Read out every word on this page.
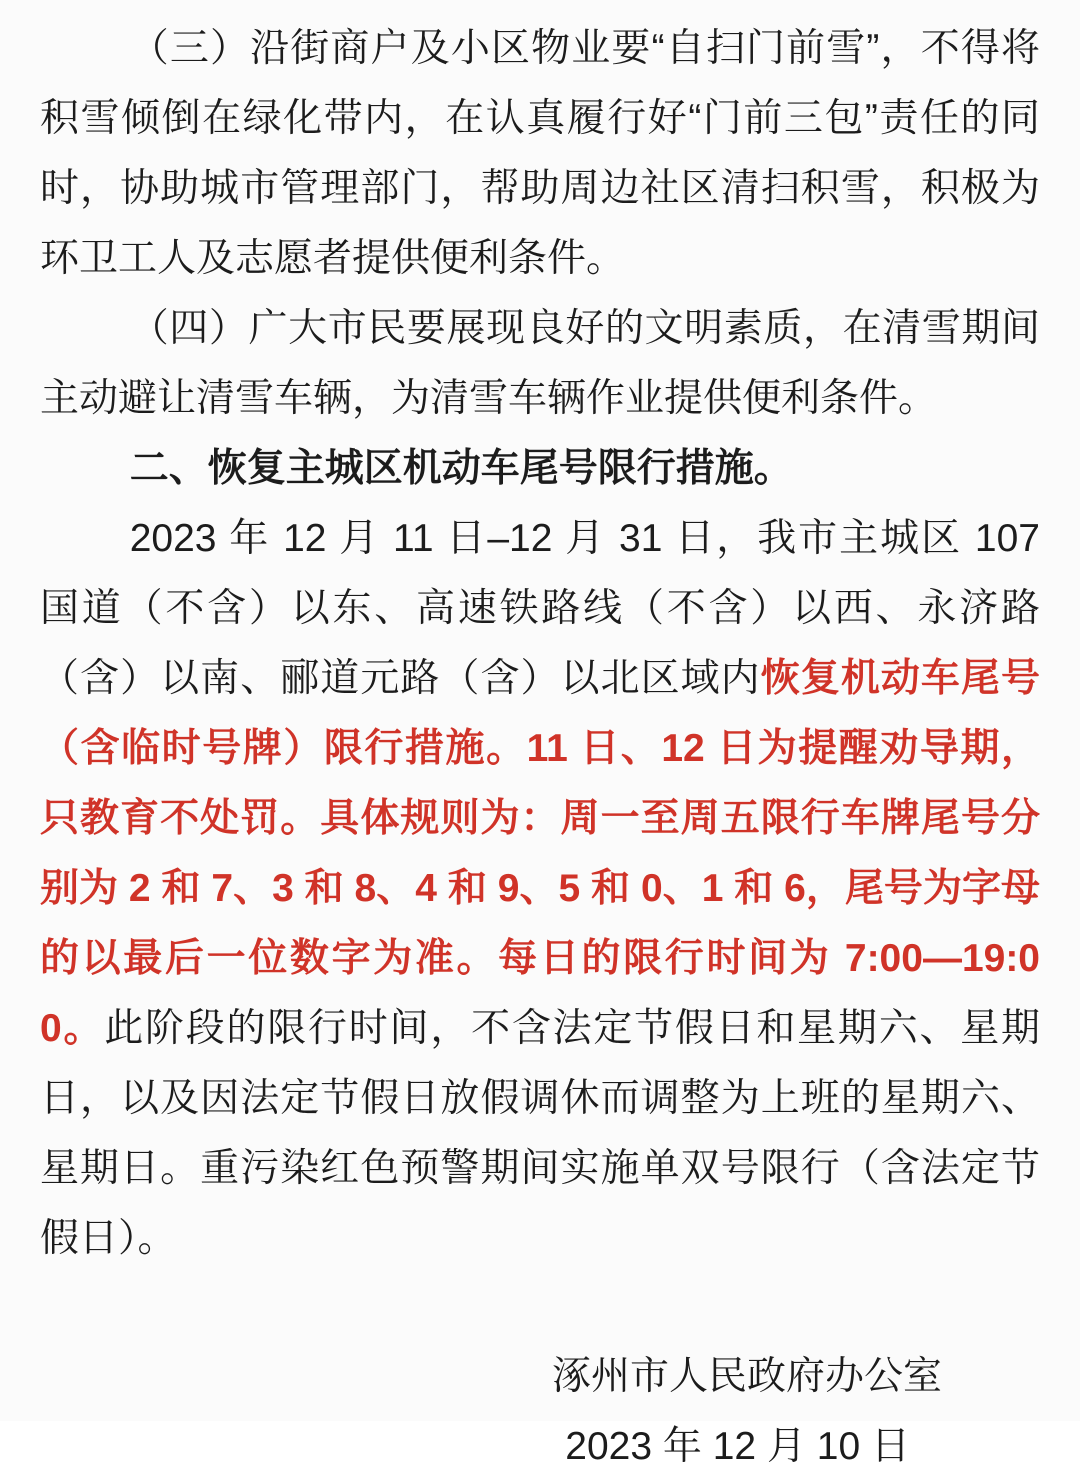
（三）沿街商户及小区物业要“自扫门前雪”，不得将积雪倾倒在绿化带内，在认真履行好“门前三包”责任的同时，协助城市管理部门，帮助周边社区清扫积雪，积极为环卫工人及志愿者提供便利条件。

（四）广大市民要展现良好的文明素质，在清雪期间主动避让清雪车辆，为清雪车辆作业提供便利条件。

二、恢复主城区机动车尾号限行措施。

2023 年 12 月 11 日–12 月 31 日，我市主城区 107 国道（不含）以东、高速铁路线（不含）以西、永济路（含）以南、郦道元路（含）以北区域内恢复机动车尾号（含临时号牌）限行措施。11 日、12 日为提醒劝导期，只教育不处罚。具体规则为：周一至周五限行车牌尾号分别为 2 和 7、3 和 8、4 和 9、5 和 0、1 和 6，尾号为字母的以最后一位数字为准。每日的限行时间为 7:00—19:00。此阶段的限行时间，不含法定节假日和星期六、星期日，以及因法定节假日放假调休而调整为上班的星期六、星期日。重污染红色预警期间实施单双号限行（含法定节假日）。

涿州市人民政府办公室

2023 年 12 月 10 日
